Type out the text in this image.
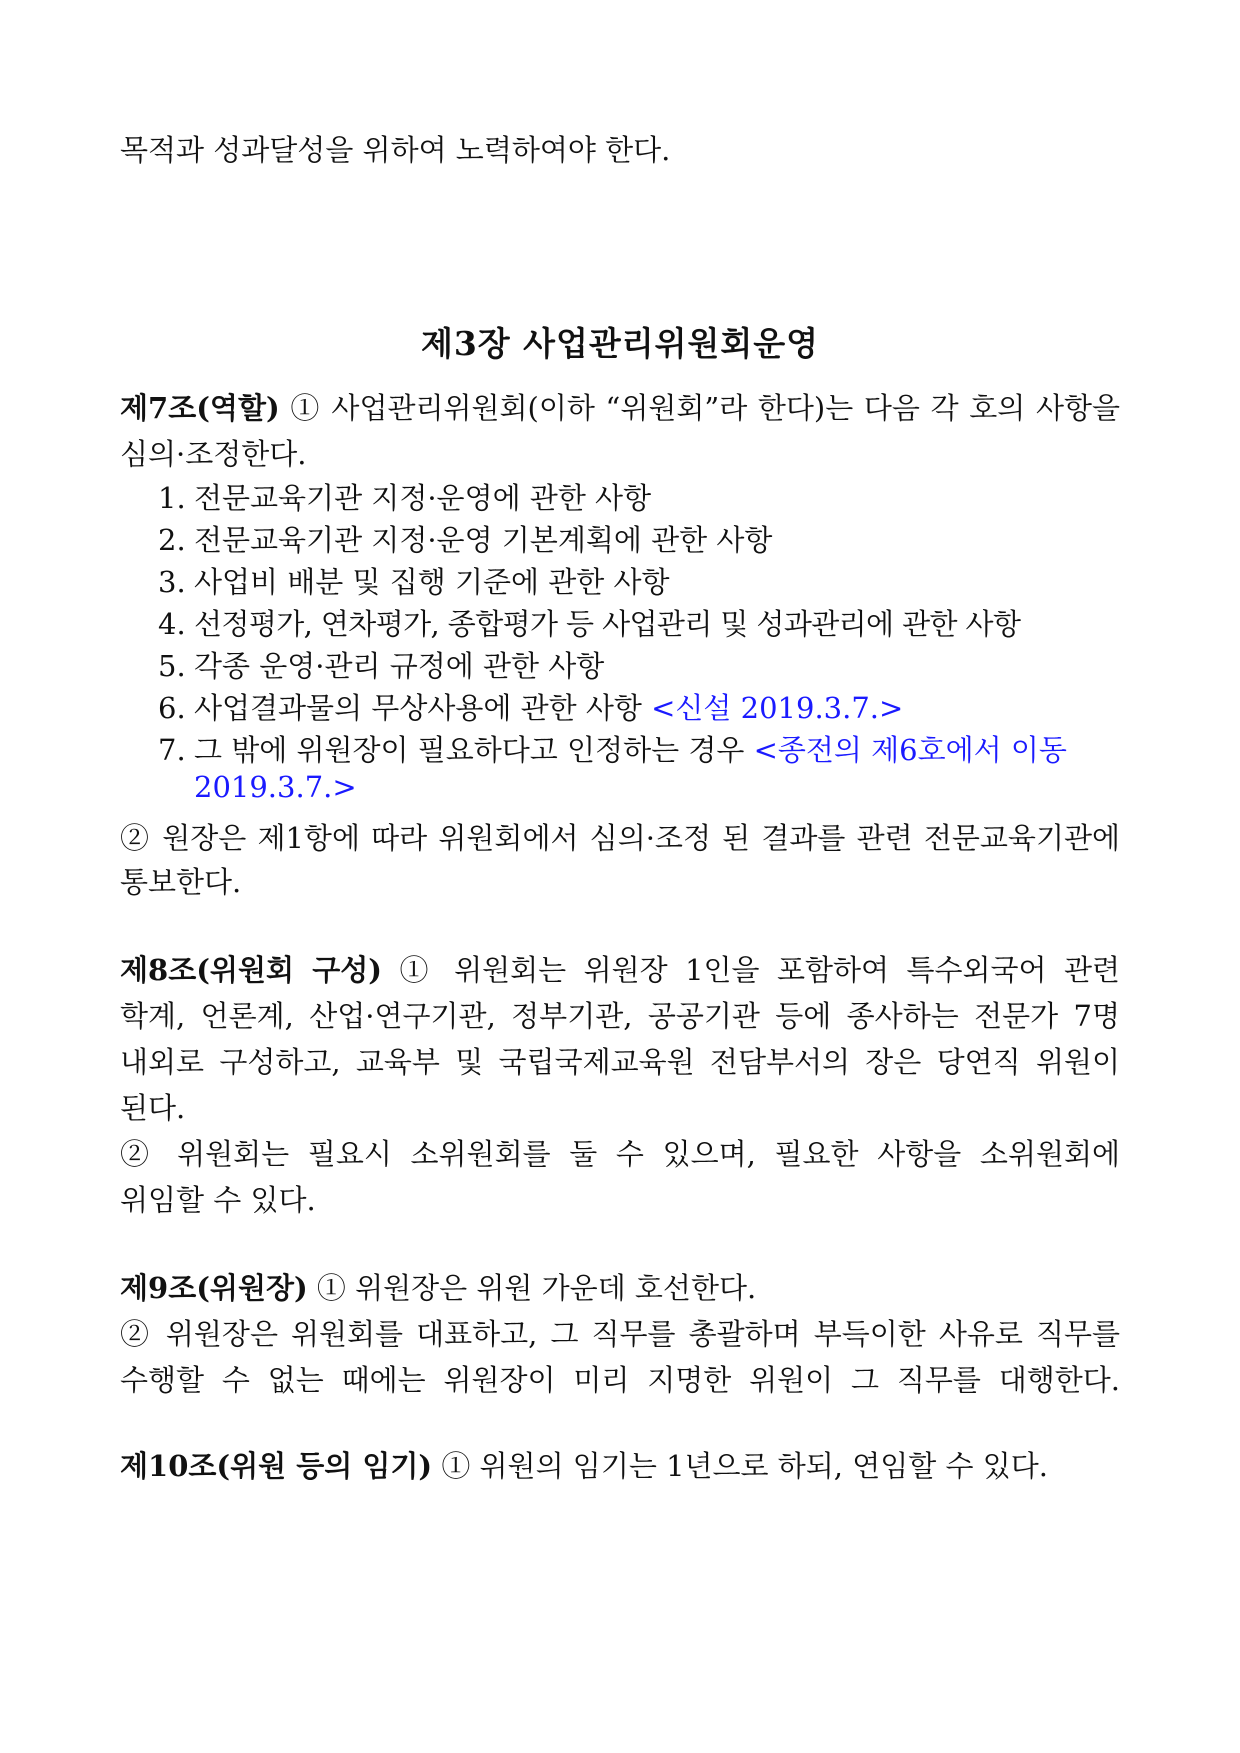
목적과 성과달성을 위하여 노력하여야 한다.
제3장 사업관리위원회운영
제7조(역할) ① 사업관리위원회(이하 “위원회”라 한다)는 다음 각 호의 사항을
심의·조정한다.
1. 전문교육기관 지정·운영에 관한 사항
2. 전문교육기관 지정·운영 기본계획에 관한 사항
3. 사업비 배분 및 집행 기준에 관한 사항
4. 선정평가, 연차평가, 종합평가 등 사업관리 및 성과관리에 관한 사항
5. 각종 운영·관리 규정에 관한 사항
6. 사업결과물의 무상사용에 관한 사항 <신설 2019.3.7.>
7. 그 밖에 위원장이 필요하다고 인정하는 경우 <종전의 제6호에서 이동
2019.3.7.>
② 원장은 제1항에 따라 위원회에서 심의·조정 된 결과를 관련 전문교육기관에
통보한다.
제8조(위원회 구성) ① 위원회는 위원장 1인을 포함하여 특수외국어 관련
학계, 언론계, 산업·연구기관, 정부기관, 공공기관 등에 종사하는 전문가 7명
내외로 구성하고, 교육부 및 국립국제교육원 전담부서의 장은 당연직 위원이
된다.
② 위원회는 필요시 소위원회를 둘 수 있으며, 필요한 사항을 소위원회에
위임할 수 있다.
제9조(위원장) ① 위원장은 위원 가운데 호선한다.
② 위원장은 위원회를 대표하고, 그 직무를 총괄하며 부득이한 사유로 직무를
수행할 수 없는 때에는 위원장이 미리 지명한 위원이 그 직무를 대행한다.
제10조(위원 등의 임기) ① 위원의 임기는 1년으로 하되, 연임할 수 있다.
